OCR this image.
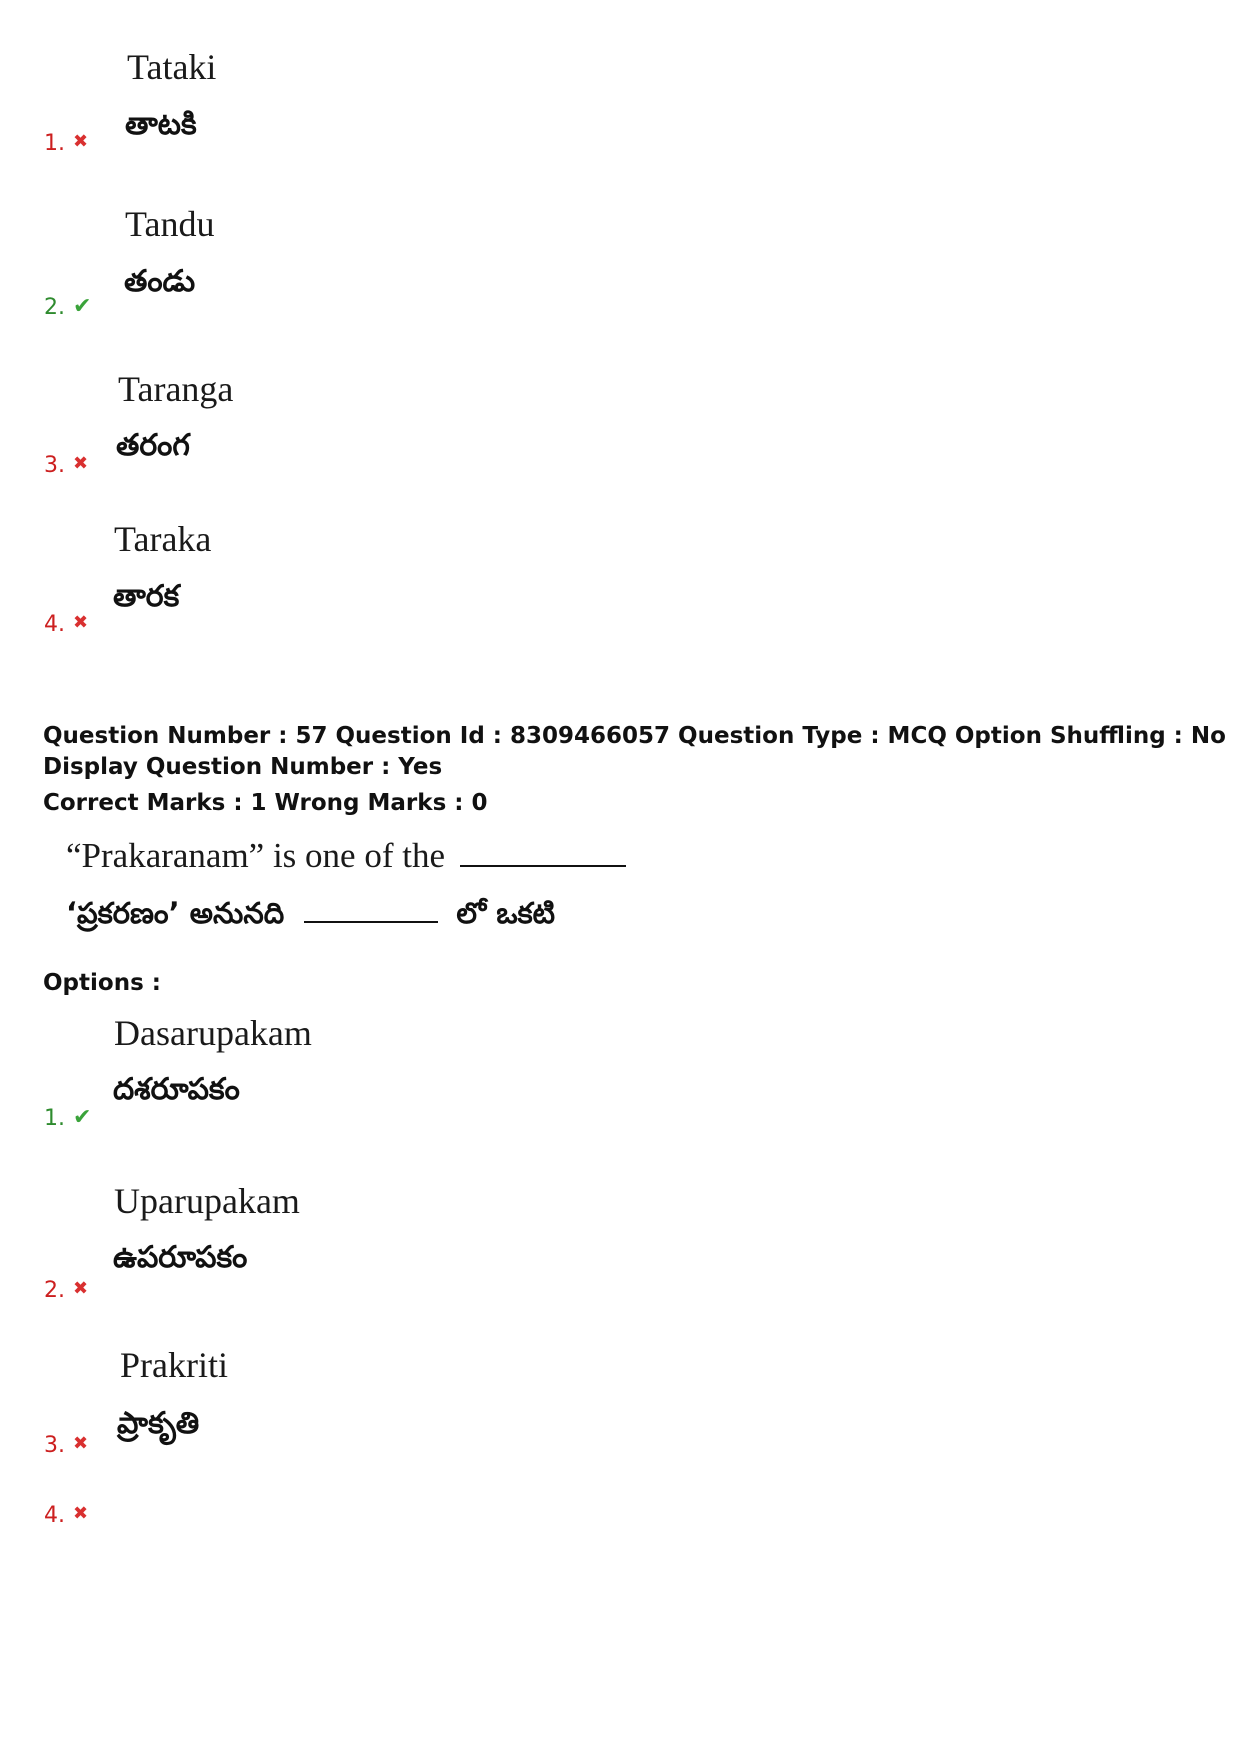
Tataki
తాటకి
1. ✖
Tandu
తండు
2. ✔
Taranga
తరంగ
3. ✖
Taraka
తారక
4. ✖
Question Number : 57 Question Id : 8309466057 Question Type : MCQ Option Shuffling : No
Display Question Number : Yes
Correct Marks : 1 Wrong Marks : 0
“Prakaranam” is one of the
‘ప్రకరణం’ అనునది	లో ఒకటి
Options :
Dasarupakam
దశరూపకం
1. ✔
Uparupakam
ఉపరూపకం
2. ✖
Prakriti
ప్రాకృతి
3. ✖
4. ✖
